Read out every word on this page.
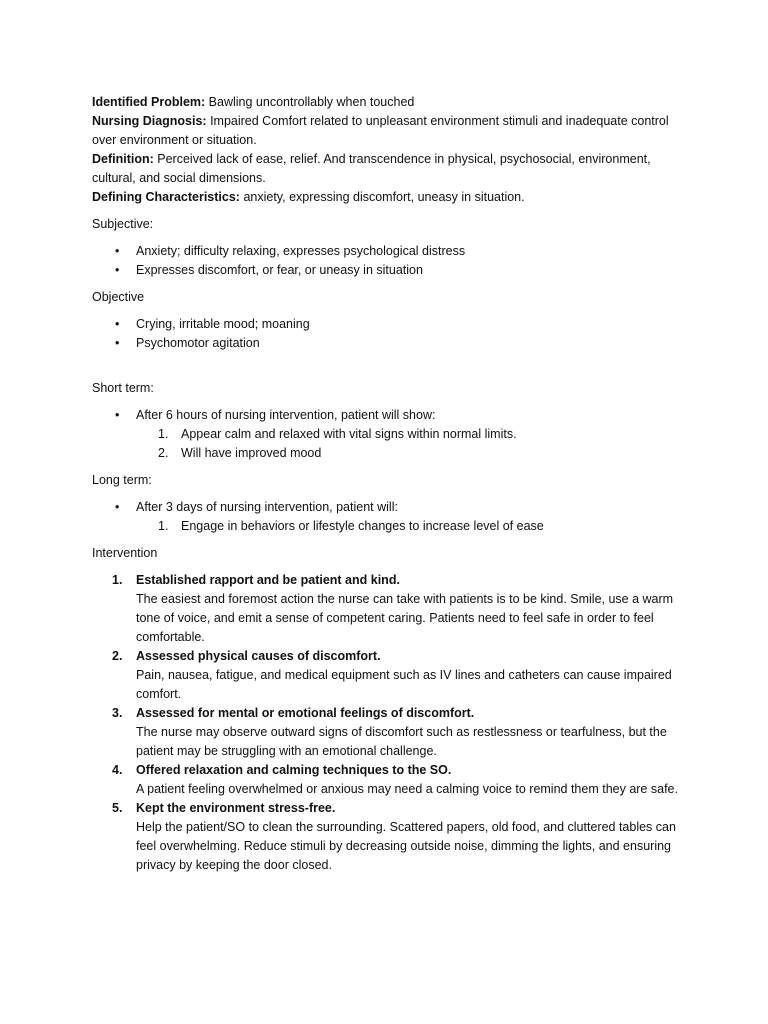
Identified Problem: Bawling uncontrollably when touched

Nursing Diagnosis: Impaired Comfort related to unpleasant environment stimuli and inadequate control over environment or situation.

Definition: Perceived lack of ease, relief. And transcendence in physical, psychosocial, environment, cultural, and social dimensions.

Defining Characteristics: anxiety, expressing discomfort, uneasy in situation.

Subjective:

• Anxiety; difficulty relaxing, expresses psychological distress
• Expresses discomfort, or fear, or uneasy in situation

Objective

• Crying, irritable mood; moaning
• Psychomotor agitation

Short term:

• After 6 hours of nursing intervention, patient will show:
1. Appear calm and relaxed with vital signs within normal limits.
2. Will have improved mood

Long term:

• After 3 days of nursing intervention, patient will:
1. Engage in behaviors or lifestyle changes to increase level of ease

Intervention

1. Established rapport and be patient and kind.
The easiest and foremost action the nurse can take with patients is to be kind. Smile, use a warm tone of voice, and emit a sense of competent caring. Patients need to feel safe in order to feel comfortable.
2. Assessed physical causes of discomfort.
Pain, nausea, fatigue, and medical equipment such as IV lines and catheters can cause impaired comfort.
3. Assessed for mental or emotional feelings of discomfort.
The nurse may observe outward signs of discomfort such as restlessness or tearfulness, but the patient may be struggling with an emotional challenge.
4. Offered relaxation and calming techniques to the SO.
A patient feeling overwhelmed or anxious may need a calming voice to remind them they are safe.
5. Kept the environment stress-free.
Help the patient/SO to clean the surrounding. Scattered papers, old food, and cluttered tables can feel overwhelming. Reduce stimuli by decreasing outside noise, dimming the lights, and ensuring privacy by keeping the door closed.
